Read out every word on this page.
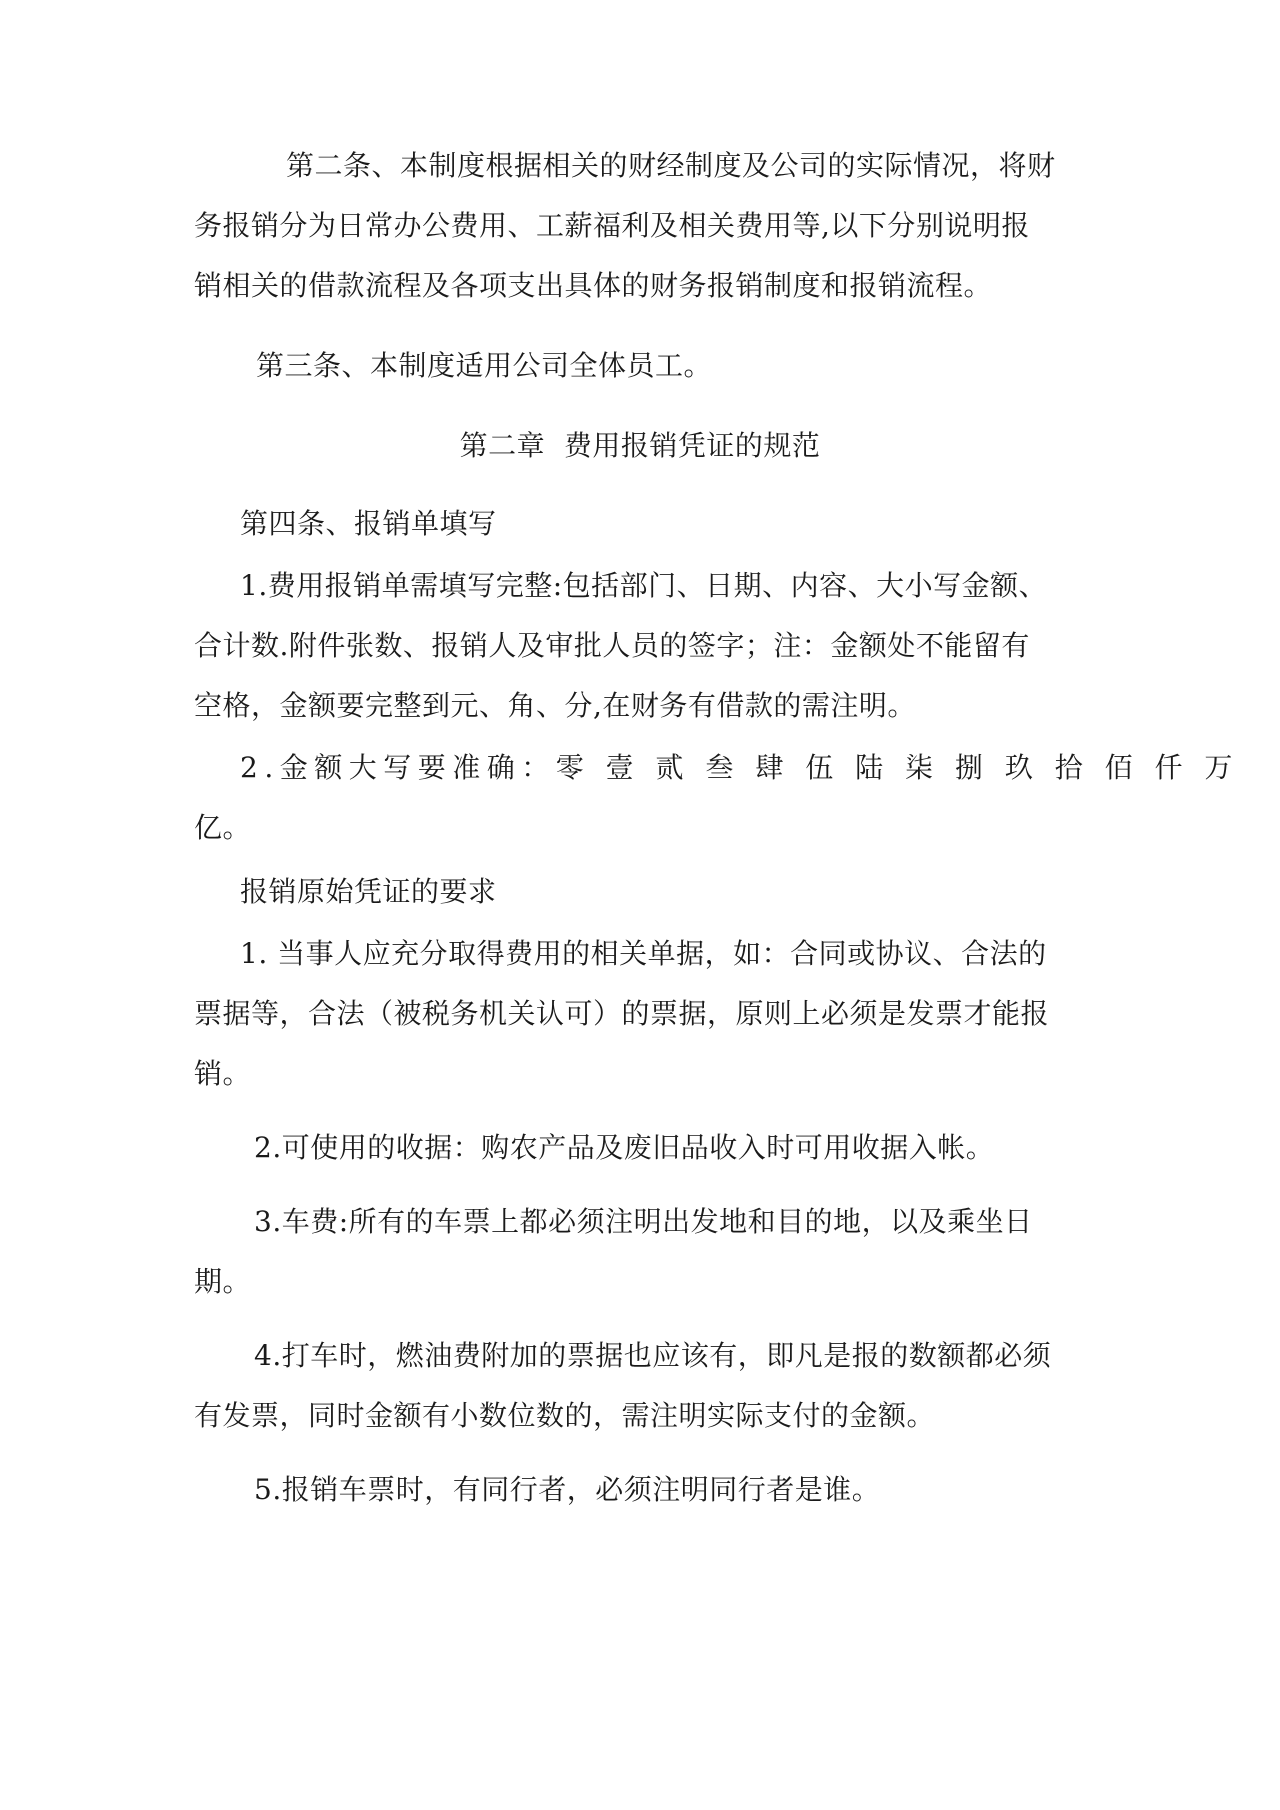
第二条、本制度根据相关的财经制度及公司的实际情况，将财
务报销分为日常办公费用、工薪福利及相关费用等,以下分别说明报
销相关的借款流程及各项支出具体的财务报销制度和报销流程。
第三条、本制度适用公司全体员工。
第二章  费用报销凭证的规范
第四条、报销单填写
1.费用报销单需填写完整:包括部门、日期、内容、大小写金额、
合计数.附件张数、报销人及审批人员的签字；注：金额处不能留有
空格，金额要完整到元、角、分,在财务有借款的需注明。
2.金额大写要准确：零 壹 贰 叁 肆 伍 陆 柒 捌 玖 拾 佰 仟 万
亿。
报销原始凭证的要求
1. 当事人应充分取得费用的相关单据，如：合同或协议、合法的
票据等，合法（被税务机关认可）的票据，原则上必须是发票才能报
销。
2.可使用的收据：购农产品及废旧品收入时可用收据入帐。
3.车费:所有的车票上都必须注明出发地和目的地，以及乘坐日
期。
4.打车时，燃油费附加的票据也应该有，即凡是报的数额都必须
有发票，同时金额有小数位数的，需注明实际支付的金额。
5.报销车票时，有同行者，必须注明同行者是谁。
